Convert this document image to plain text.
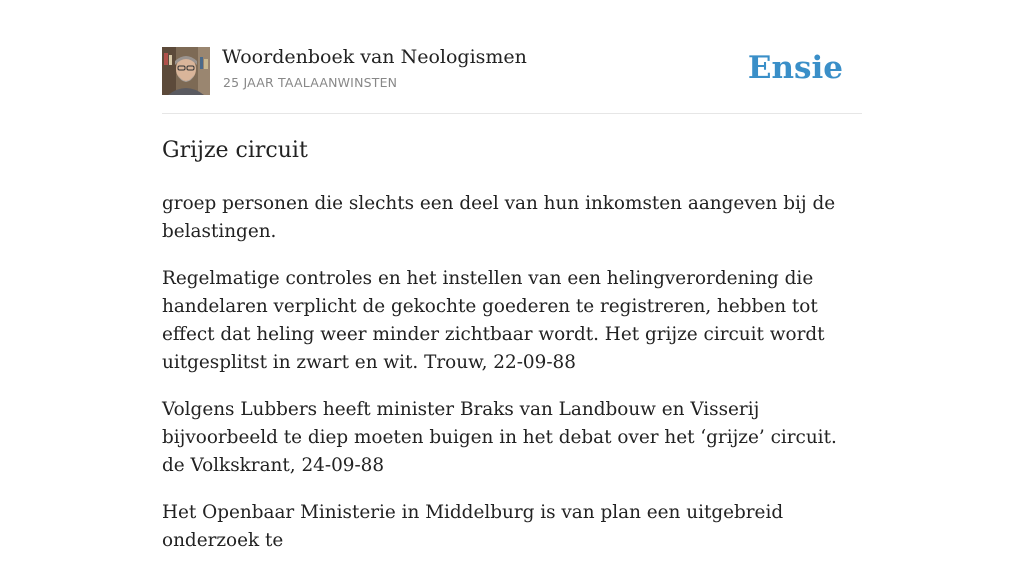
Woordenboek van Neologismen
25 JAAR TAALAANWINSTEN	Ensie
Grijze circuit

groep personen die slechts een deel van hun inkomsten aangeven bij de belastingen.

Regelmatige controles en het instellen van een helingverordening die handelaren verplicht de gekochte goederen te registreren, hebben tot effect dat heling weer minder zichtbaar wordt. Het grijze circuit wordt uitgesplitst in zwart en wit. Trouw, 22-09-88

Volgens Lubbers heeft minister Braks van Landbouw en Visserij bijvoorbeeld te diep moeten buigen in het debat over het ‘grijze’ circuit. de Volkskrant, 24-09-88

Het Openbaar Ministerie in Middelburg is van plan een uitgebreid onderzoek te
